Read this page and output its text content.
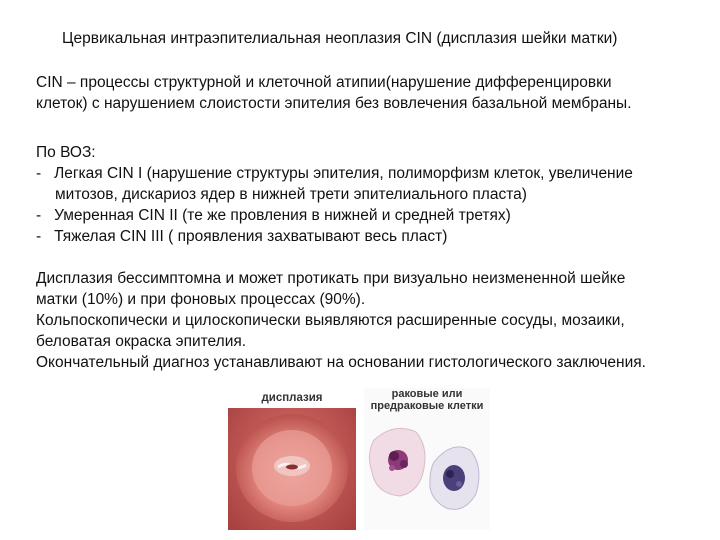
Цервикальная интраэпителиальная неоплазия CIN (дисплазия шейки матки)
CIN – процессы структурной и клеточной атипии(нарушение дифференцировки
клеток) с нарушением слоистости эпителия без вовлечения базальной мембраны.
По ВОЗ:
- Легкая CIN I (нарушение структуры эпителия, полиморфизм клеток, увеличение
митозов, дискариоз ядер в нижней трети эпителиального пласта)
- Умеренная CIN II (те же провления в нижней и средней третях)
- Тяжелая CIN III ( проявления захватывают весь пласт)
Дисплазия бессимптомна и может протикать при визуально неизмененной шейке
матки (10%) и при фоновых процессах (90%).
Кольпоскопически и цилоскопически выявляются расширенные сосуды, мозаики,
беловатая окраска эпителия.
Окончательный диагноз устанавливают на основании гистологического заключения.
дисплазия	раковые или
предраковые клетки
